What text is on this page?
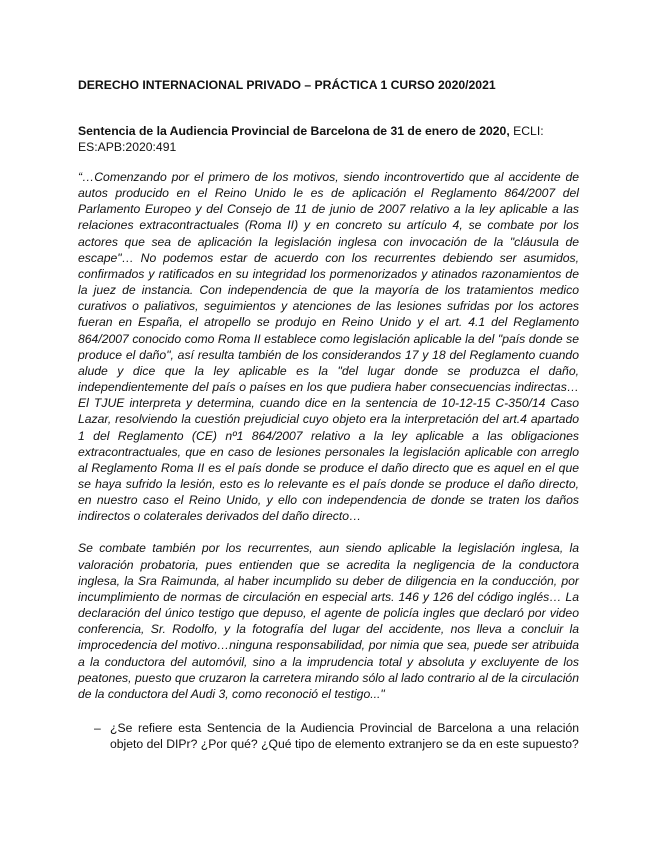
DERECHO INTERNACIONAL PRIVADO – PRÁCTICA 1 CURSO 2020/2021

Sentencia de la Audiencia Provincial de Barcelona de 31 de enero de 2020, ECLI: ES:APB:2020:491

“…Comenzando por el primero de los motivos, siendo incontrovertido que al accidente de autos producido en el Reino Unido le es de aplicación el Reglamento 864/2007 del Parlamento Europeo y del Consejo de 11 de junio de 2007 relativo a la ley aplicable a las relaciones extracontractuales (Roma II) y en concreto su artículo 4, se combate por los actores que sea de aplicación la legislación inglesa con invocación de la "cláusula de escape"… No podemos estar de acuerdo con los recurrentes debiendo ser asumidos, confirmados y ratificados en su integridad los pormenorizados y atinados razonamientos de la juez de instancia. Con independencia de que la mayoría de los tratamientos medico curativos o paliativos, seguimientos y atenciones de las lesiones sufridas por los actores fueran en España, el atropello se produjo en Reino Unido y el art. 4.1 del Reglamento 864/2007 conocido como Roma II establece como legislación aplicable la del "país donde se produce el daño", así resulta también de los considerandos 17 y 18 del Reglamento cuando alude y dice que la ley aplicable es la "del lugar donde se produzca el daño, independientemente del país o países en los que pudiera haber consecuencias indirectas…El TJUE interpreta y determina, cuando dice en la sentencia de 10-12-15 C-350/14 Caso Lazar, resolviendo la cuestión prejudicial cuyo objeto era la interpretación del art.4 apartado 1 del Reglamento (CE) nº1 864/2007 relativo a la ley aplicable a las obligaciones extracontractuales, que en caso de lesiones personales la legislación aplicable con arreglo al Reglamento Roma II es el país donde se produce el daño directo que es aquel en el que se haya sufrido la lesión, esto es lo relevante es el país donde se produce el daño directo, en nuestro caso el Reino Unido, y ello con independencia de donde se traten los daños indirectos o colaterales derivados del daño directo…

Se combate también por los recurrentes, aun siendo aplicable la legislación inglesa, la valoración probatoria, pues entienden que se acredita la negligencia de la conductora inglesa, la Sra Raimunda, al haber incumplido su deber de diligencia en la conducción, por incumplimiento de normas de circulación en especial arts. 146 y 126 del código inglés… La declaración del único testigo que depuso, el agente de policía ingles que declaró por video conferencia, Sr. Rodolfo, y la fotografía del lugar del accidente, nos lleva a concluir la improcedencia del motivo…ninguna responsabilidad, por nimia que sea, puede ser atribuida a la conductora del automóvil, sino a la imprudencia total y absoluta y excluyente de los peatones, puesto que cruzaron la carretera mirando sólo al lado contrario al de la circulación de la conductora del Audi 3, como reconoció el testigo..."

– ¿Se refiere esta Sentencia de la Audiencia Provincial de Barcelona a una relación objeto del DIPr? ¿Por qué? ¿Qué tipo de elemento extranjero se da en este supuesto?
